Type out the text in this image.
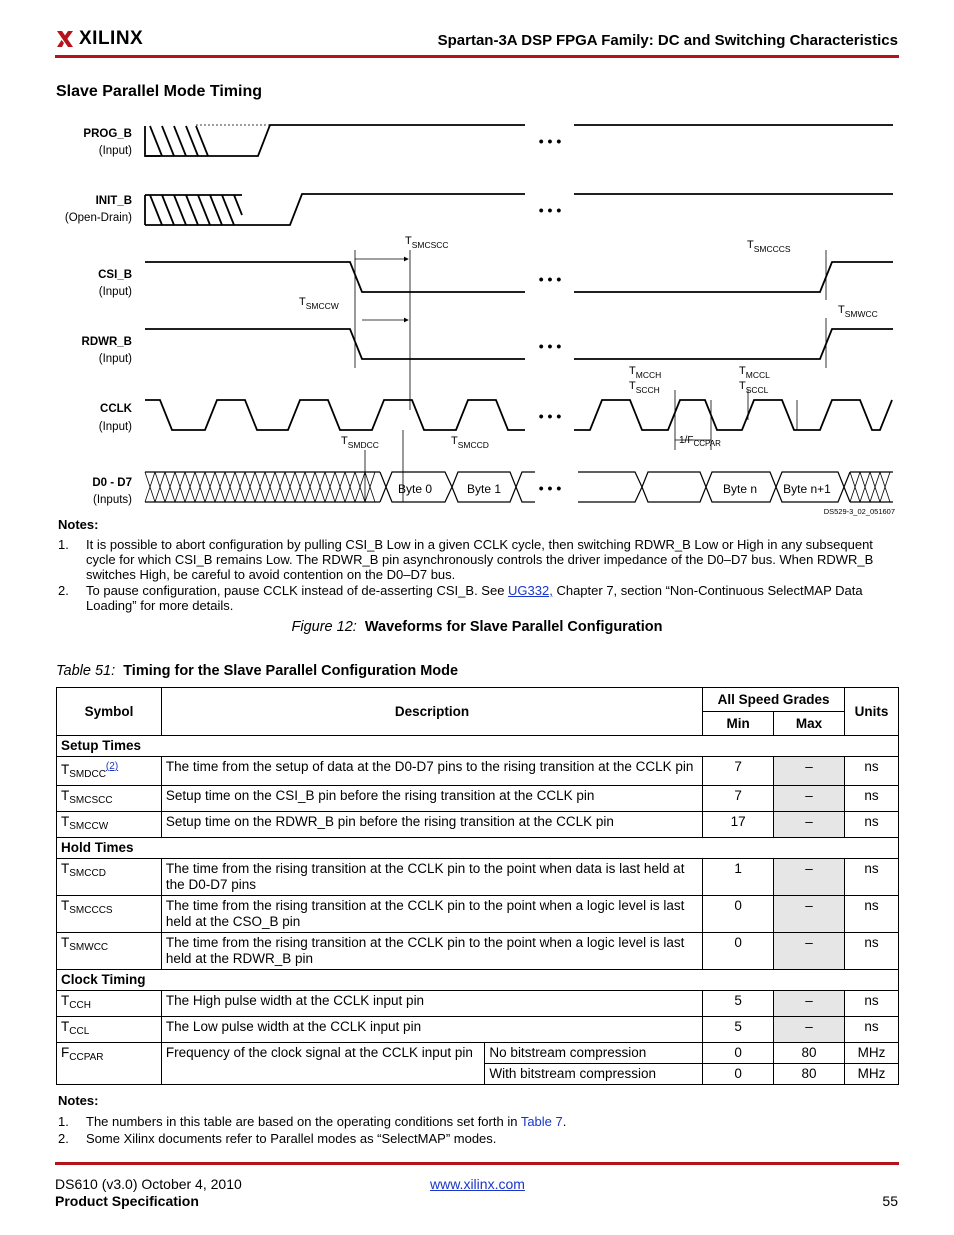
XILINX	Spartan-3A DSP FPGA Family: DC and Switching Characteristics
Slave Parallel Mode Timing
PROG_B
(Input)
INIT_B
(Open-Drain)
CSI_B
(Input)
RDWR_B
(Input)
CCLK
(Input)
D0 - D7
(Inputs)
• • •
• • •
• • •
• • •
• • •
• • •
Byte 0	Byte 1	Byte n Byte n+1
$T_{SMCSCC}$	$T_{SMCCCS}$
$T_{SMCCW}$	$T_{SMWCC}$
$T_{MCCH}$
$T_{SCCH}$
$T_{MCCL}$
$T_{SCCL}$
$T_{SMDCC}$	$T_{SMCCD}$	$1/F_{CCPAR}$
DS529-3_02_051607
Notes:
1. It is possible to abort configuration by pulling CSI_B Low in a given CCLK cycle, then switching RDWR_B Low or High in any subsequent cycle for which CSI_B remains Low. The RDWR_B pin asynchronously controls the driver impedance of the D0–D7 bus. When RDWR_B switches High, be careful to avoid contention on the D0–D7 bus.
2. To pause configuration, pause CCLK instead of de-asserting CSI_B. See UG332, Chapter 7, section “Non-Continuous SelectMAP Data Loading” for more details.
Figure 12: Waveforms for Slave Parallel Configuration
Table 51: Timing for the Slave Parallel Configuration Mode
Symbol	Description		All Speed Grades		Units
			Min	Max	
Setup Times					
$T_{SMDCC}^{(2)}$	The time from the setup of data at the D0-D7 pins to the rising transition at the CCLK pin		7	–	ns
$T_{SMCSCC}$	Setup time on the CSI_B pin before the rising transition at the CCLK pin		7	–	ns
$T_{SMCCW}$	Setup time on the RDWR_B pin before the rising transition at the CCLK pin		17	–	ns
Hold Times					
$T_{SMCCD}$	The time from the rising transition at the CCLK pin to the point when data is last held at the D0-D7 pins		1	–	ns
$T_{SMCCCS}$	The time from the rising transition at the CCLK pin to the point when a logic level is last held at the CSO_B pin		0	–	ns
$T_{SMWCC}$	The time from the rising transition at the CCLK pin to the point when a logic level is last held at the RDWR_B pin		0	–	ns
Clock Timing					
$T_{CCH}$	The High pulse width at the CCLK input pin		5	–	ns
$T_{CCL}$	The Low pulse width at the CCLK input pin		5	–	ns
$F_{CCPAR}$	Frequency of the clock signal at the CCLK input pin	No bitstream compression	0	80	MHz
		With bitstream compression	0	80	MHz
Notes:
1. The numbers in this table are based on the operating conditions set forth in Table 7.
2. Some Xilinx documents refer to Parallel modes as “SelectMAP” modes.
DS610 (v3.0) October 4, 2010
Product Specification
www.xilinx.com
55
